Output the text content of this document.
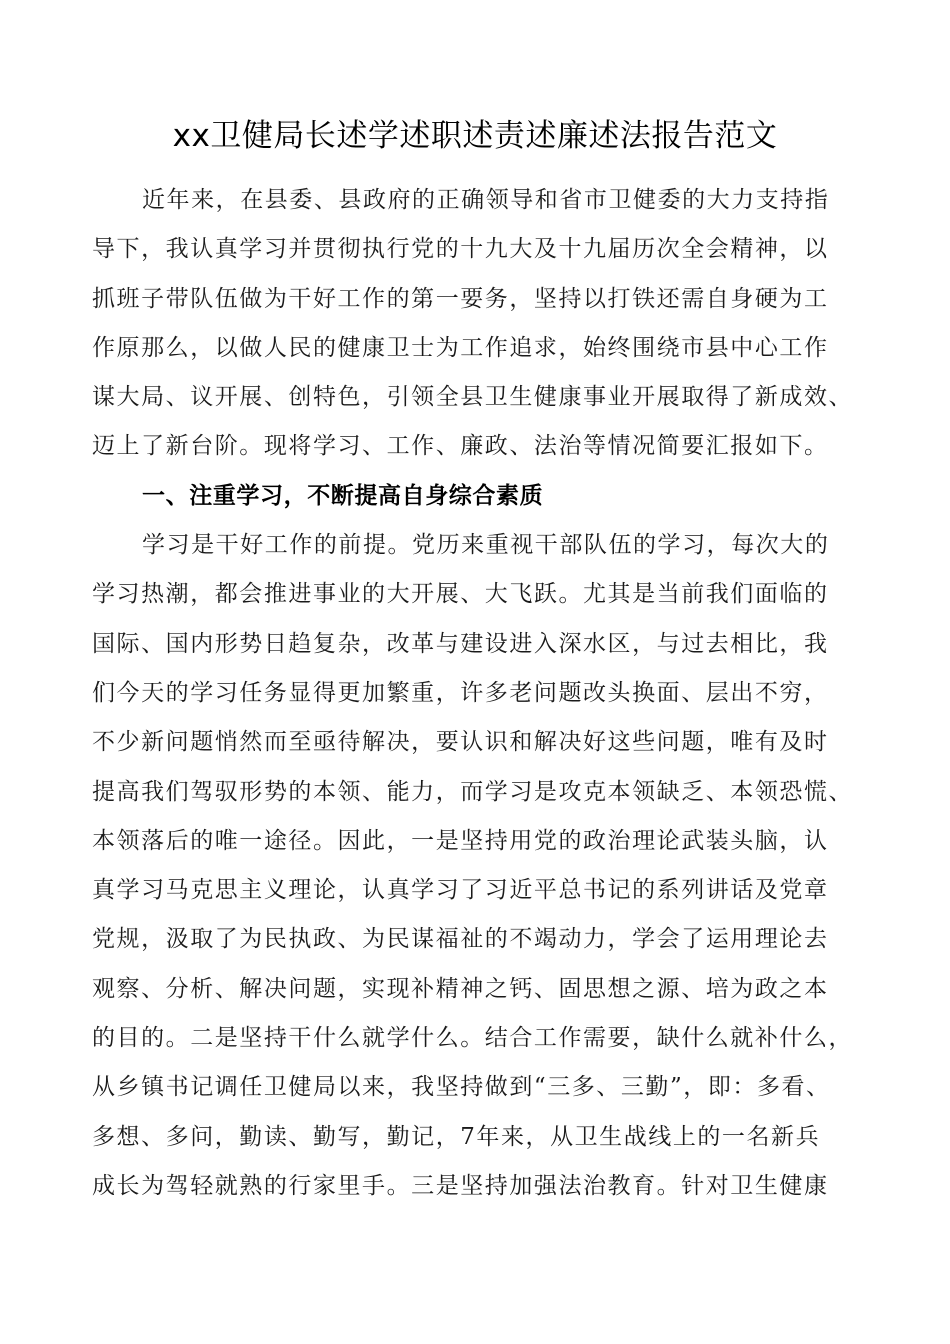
xx卫健局长述学述职述责述廉述法报告范文
近年来，在县委、县政府的正确领导和省市卫健委的大力支持指
导下，我认真学习并贯彻执行党的十九大及十九届历次全会精神，以
抓班子带队伍做为干好工作的第一要务，坚持以打铁还需自身硬为工
作原那么，以做人民的健康卫士为工作追求，始终围绕市县中心工作
谋大局、议开展、创特色，引领全县卫生健康事业开展取得了新成效、
迈上了新台阶。现将学习、工作、廉政、法治等情况简要汇报如下。
一、注重学习，不断提高自身综合素质
学习是干好工作的前提。党历来重视干部队伍的学习，每次大的
学习热潮，都会推进事业的大开展、大飞跃。尤其是当前我们面临的
国际、国内形势日趋复杂，改革与建设进入深水区，与过去相比，我
们今天的学习任务显得更加繁重，许多老问题改头换面、层出不穷，
不少新问题悄然而至亟待解决，要认识和解决好这些问题，唯有及时
提高我们驾驭形势的本领、能力，而学习是攻克本领缺乏、本领恐慌、
本领落后的唯一途径。因此，一是坚持用党的政治理论武装头脑，认
真学习马克思主义理论，认真学习了习近平总书记的系列讲话及党章
党规，汲取了为民执政、为民谋福祉的不竭动力，学会了运用理论去
观察、分析、解决问题，实现补精神之钙、固思想之源、培为政之本
的目的。二是坚持干什么就学什么。结合工作需要，缺什么就补什么，
从乡镇书记调任卫健局以来，我坚持做到“三多、三勤”，即：多看、
多想、多问，勤读、勤写，勤记，7年来，从卫生战线上的一名新兵
成长为驾轻就熟的行家里手。三是坚持加强法治教育。针对卫生健康
